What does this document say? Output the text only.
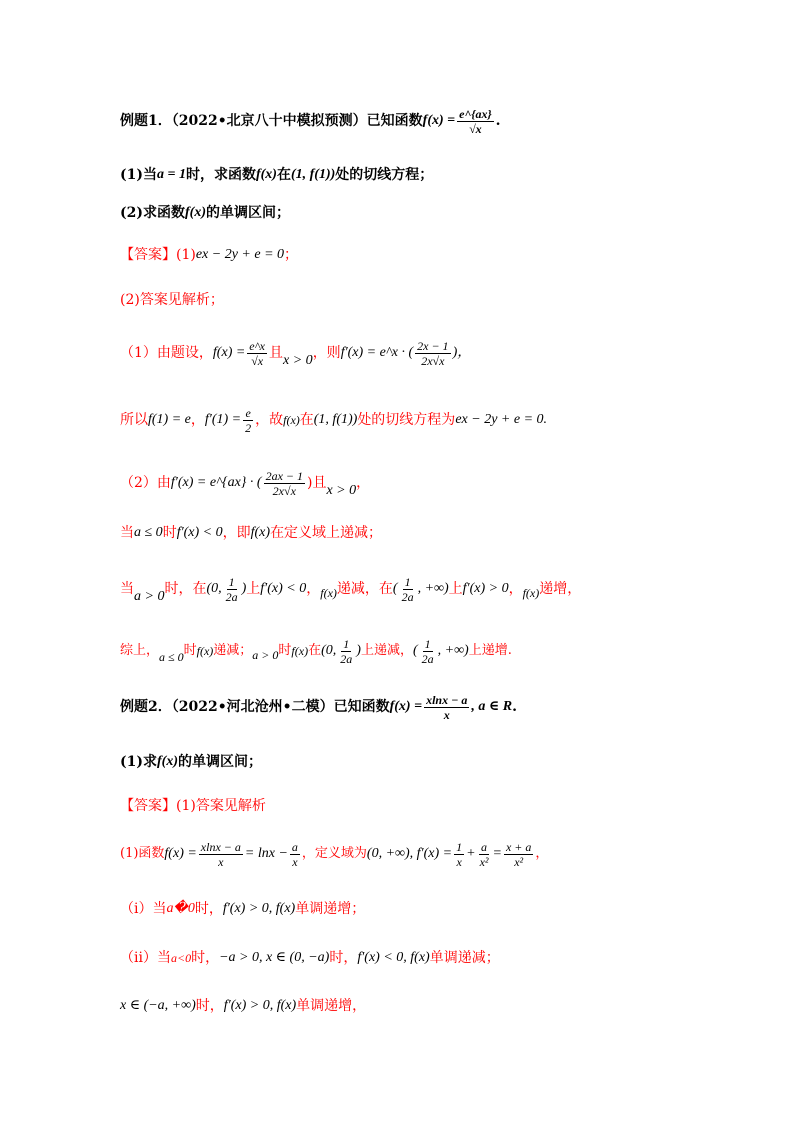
例题1．（2022•北京八十中模拟预测）已知函数 $f(x) = \frac{e\^{}\{ax\}}{√x}$ .
(1)当 a = 1 时，求函数 f(x) 在 (1, f(1)) 处的切线方程；
(2)求函数 f(x) 的单调区间；
【答案】 (1) ex − 2y + e = 0 ；
(2)答案见解析；
（1）由题设， $f(x) = \frac{e\^{}x}{√x}$ 且 x > 0 ，则 f′(x) = e^x · ( $\frac{2x - 1}{2x√x}$ )，
所以 f(1) = e ， $f'(1) = \frac{e}{2}$ ，故 f(x) 在 (1, f(1)) 处的切线方程为 ex − 2y + e = 0 .
（2）由 f′(x) = e^{ax} · ( $\frac{2ax - 1}{2x√x}$ )且 x > 0 ，
当 a ≤ 0 时 f′(x) < 0 ，即 f(x) 在定义域上递减；
当 a > 0 时，在 (0, $\frac{1}{2a}$ ) 上 f′(x) < 0 ， f(x) 递减，在 ( $\frac{1}{2a}$ , +∞) 上 f′(x) > 0 ， f(x) 递增，
综上， a ≤ 0 时 f(x) 递减； a > 0 时 f(x) 在 (0, $\frac{1}{2a}$ ) 上递减， ( $\frac{1}{2a}$ , +∞) 上递增.
例题2．（2022•河北沧州•二模）已知函数 $f(x) = \frac{xlnx - a}{x}$ , a ∈ R .
(1)求 f(x) 的单调区间；
【答案】 (1)答案见解析
(1)函数 $f(x) = \frac{xlnx - a}{x} = \ln x - \frac{a}{x}$ ，定义域为 (0, +∞), $f'(x) = \frac{1}{x} + \frac{a}{\text{x²}} = \frac{x + a}{\text{x²}}$ ，
（i）当 a�0 时， f′(x) > 0, f(x) 单调递增；
（ii）当 a<0 时， −a > 0, x ∈ (0, −a) 时， f′(x) < 0, f(x) 单调递减；
x ∈ (−a, +∞) 时， f′(x) > 0, f(x) 单调递增，
